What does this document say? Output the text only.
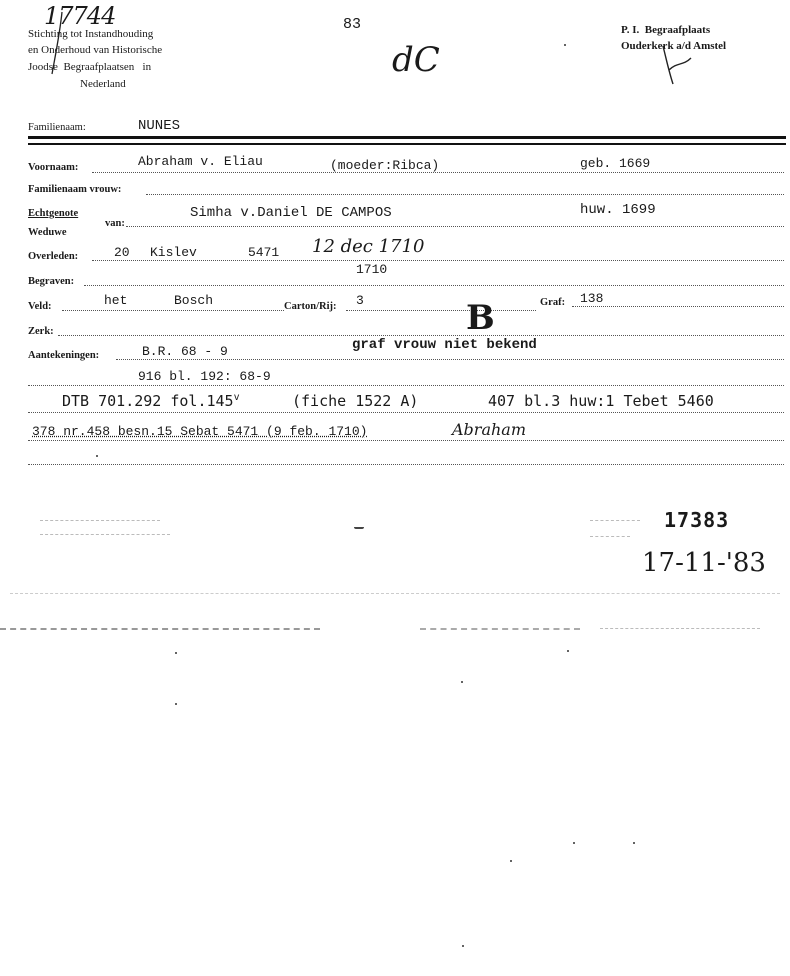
17744	83
dC
Stichting tot Instandhouding
en Onderhoud van Historische
Joodse  Begraafplaatsen   in
Nederland
P. I.  Begraafplaats
Ouderkerk a/d Amstel
Familienaam:	NUNES
Voornaam:	Abraham v. Eliau	(moeder:Ribca)	geb. 1669
Familienaam vrouw:
Echtgenote
van:
Simha v.Daniel DE CAMPOS	huw. 1699
Weduwe
Overleden:	20 Kislev	5471 12 dec 1710
Begraven:
1710
Veld:	het	Bosch	Carton/Rij: 3	Graf: 138
Zerk:	B
Aantekeningen:	B.R. 68 - 9	graf vrouw niet bekend
916 bl. 192: 68-9
DTB 701.292 fol.145$^v$	(fiche 1522 A)	407 bl.3 huw:1 Tebet 5460
378 nr.458 besn.15 Sebat 5471 (9 feb. 1710)	Abraham
17383
17-11-'83
